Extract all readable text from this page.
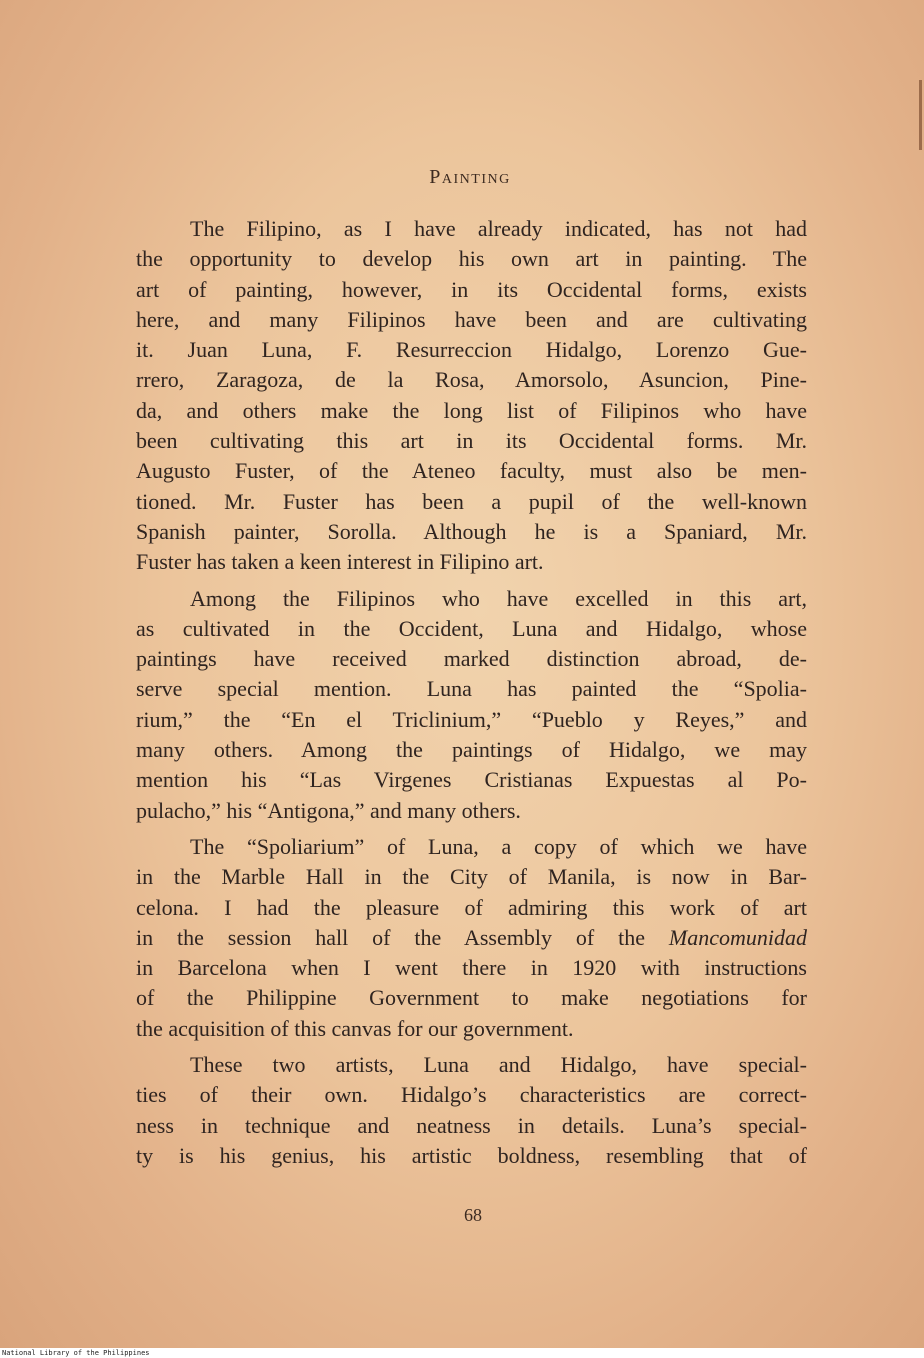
Painting
The Filipino, as I have already indicated, has not had
the opportunity to develop his own art in painting. The
art of painting, however, in its Occidental forms, exists
here, and many Filipinos have been and are cultivating
it. Juan Luna, F. Resurreccion Hidalgo, Lorenzo Gue-
rrero, Zaragoza, de la Rosa, Amorsolo, Asuncion, Pine-
da, and others make the long list of Filipinos who have
been cultivating this art in its Occidental forms. Mr.
Augusto Fuster, of the Ateneo faculty, must also be men-
tioned. Mr. Fuster has been a pupil of the well-known
Spanish painter, Sorolla. Although he is a Spaniard, Mr.
Fuster has taken a keen interest in Filipino art.
Among the Filipinos who have excelled in this art,
as cultivated in the Occident, Luna and Hidalgo, whose
paintings have received marked distinction abroad, de-
serve special mention. Luna has painted the “Spolia-
rium,” the “En el Triclinium,” “Pueblo y Reyes,” and
many others. Among the paintings of Hidalgo, we may
mention his “Las Virgenes Cristianas Expuestas al Po-
pulacho,” his “Antigona,” and many others.
The “Spoliarium” of Luna, a copy of which we have
in the Marble Hall in the City of Manila, is now in Bar-
celona. I had the pleasure of admiring this work of art
in the session hall of the Assembly of the Mancomunidad
in Barcelona when I went there in 1920 with instructions
of the Philippine Government to make negotiations for
the acquisition of this canvas for our government.
These two artists, Luna and Hidalgo, have special-
ties of their own. Hidalgo’s characteristics are correct-
ness in technique and neatness in details. Luna’s special-
ty is his genius, his artistic boldness, resembling that of
68
National Library of the Philippines
